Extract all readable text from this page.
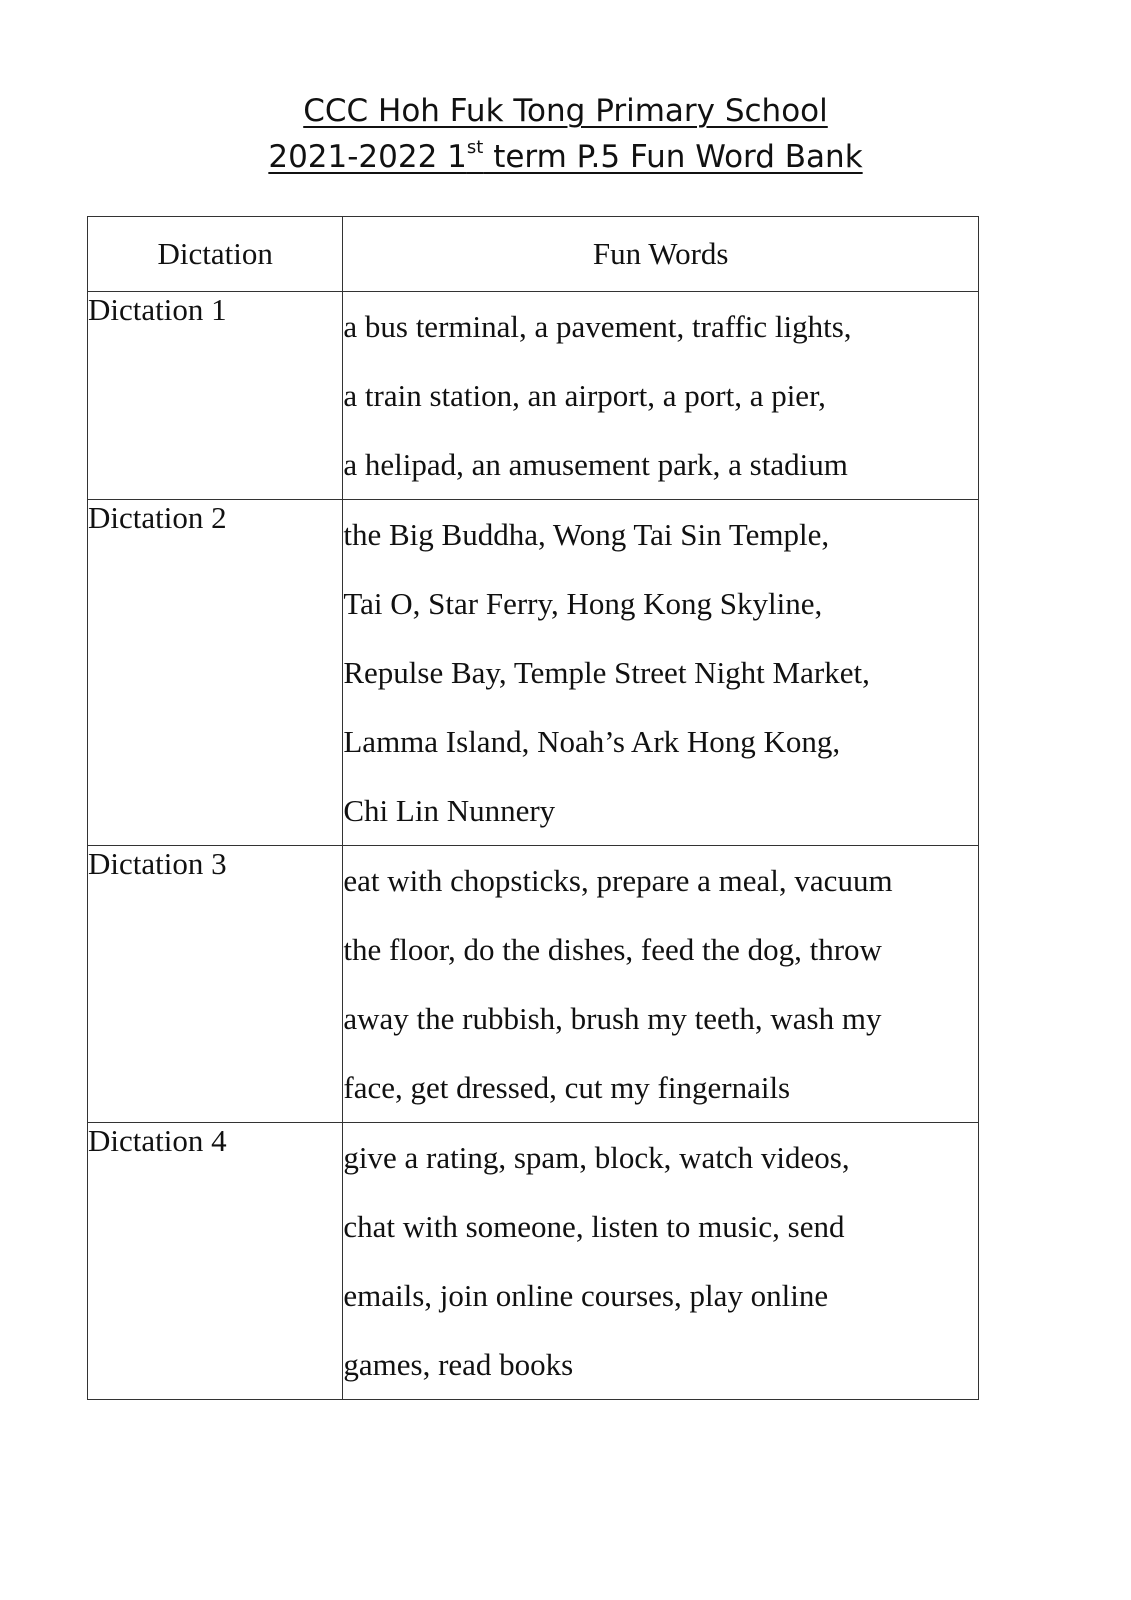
CCC Hoh Fuk Tong Primary School
2021-2022 1st term P.5 Fun Word Bank
Dictation	Fun Words
Dictation 1	a bus terminal, a pavement, traffic lights,
a train station, an airport, a port, a pier,
a helipad, an amusement park, a stadium

Dictation 2	the Big Buddha, Wong Tai Sin Temple,
Tai O, Star Ferry, Hong Kong Skyline,
Repulse Bay, Temple Street Night Market,
Lamma Island, Noah’s Ark Hong Kong,
Chi Lin Nunnery

Dictation 3	eat with chopsticks, prepare a meal, vacuum
the floor, do the dishes, feed the dog, throw
away the rubbish, brush my teeth, wash my
face, get dressed, cut my fingernails

Dictation 4	give a rating, spam, block, watch videos,
chat with someone, listen to music, send
emails, join online courses, play online
games, read books
